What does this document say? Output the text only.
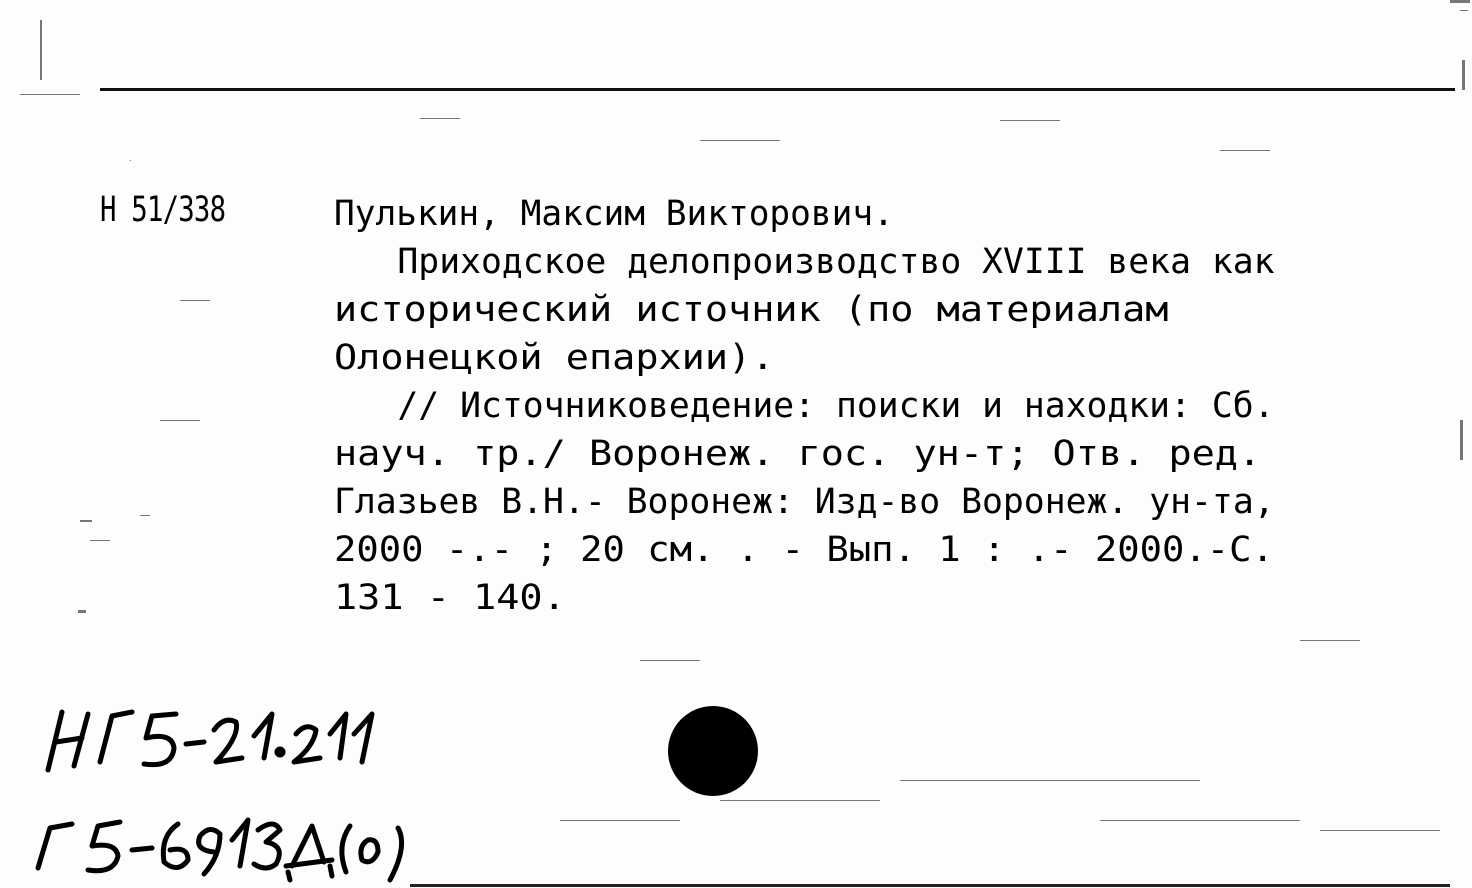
Н 51/338	Пулькин, Максим Викторович.
Приходское делопроизводство XVIII века как
исторический источник (по материалам
Олонецкой епархии).
// Источниковедение: поиски и находки: Сб.
науч. тр./ Воронеж. гос. ун-т; Отв. ред.
Глазьев В.Н.- Воронеж: Изд-во Воронеж. ун-та,
2000 -.- ; 20 см. . - Вып. 1 : .- 2000.-С.
131 - 140.
